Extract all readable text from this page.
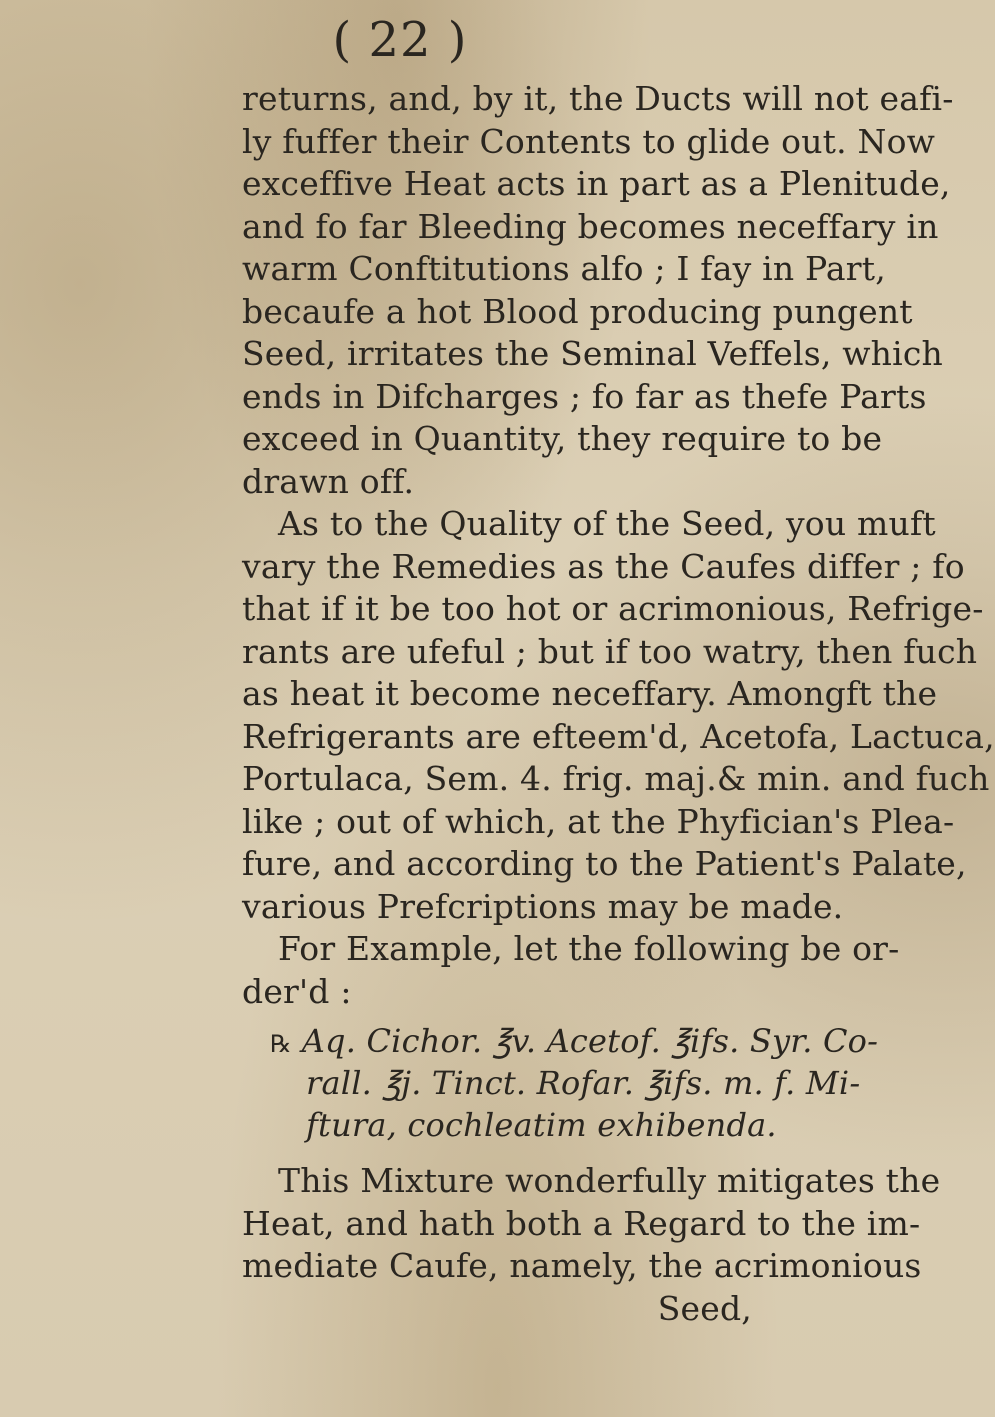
( 22 )
returns, and, by it, the Ducts will not eafi-
ly fuffer their Contents to glide out. Now
exceffive Heat acts in part as a Plenitude,
and fo far Bleeding becomes neceffary in
warm Conftitutions alfo ; I fay in Part,
becaufe a hot Blood producing pungent
Seed, irritates the Seminal Veffels, which
ends in Difcharges ; fo far as thefe Parts
exceed in Quantity, they require to be
drawn off.
As to the Quality of the Seed, you muft
vary the Remedies as the Caufes differ ; fo
that if it be too hot or acrimonious, Refrige-
rants are ufeful ; but if too watry, then fuch
as heat it become neceffary. Amongft the
Refrigerants are efteem'd, Acetofa, Lactuca,
Portulaca, Sem. 4. frig. maj.& min. and fuch
like ; out of which, at the Phyfician's Plea-
fure, and according to the Patient's Palate,
various Prefcriptions may be made.
For Example, let the following be or-
der'd :
℞ Aq. Cichor. ℥v. Acetof. ℥ifs. Syr. Co-
rall. ℥j. Tinct. Rofar. ℥ifs. m. f. Mi-
ftura, cochleatim exhibenda.
This Mixture wonderfully mitigates the
Heat, and hath both a Regard to the im-
mediate Caufe, namely, the acrimonious
Seed,
